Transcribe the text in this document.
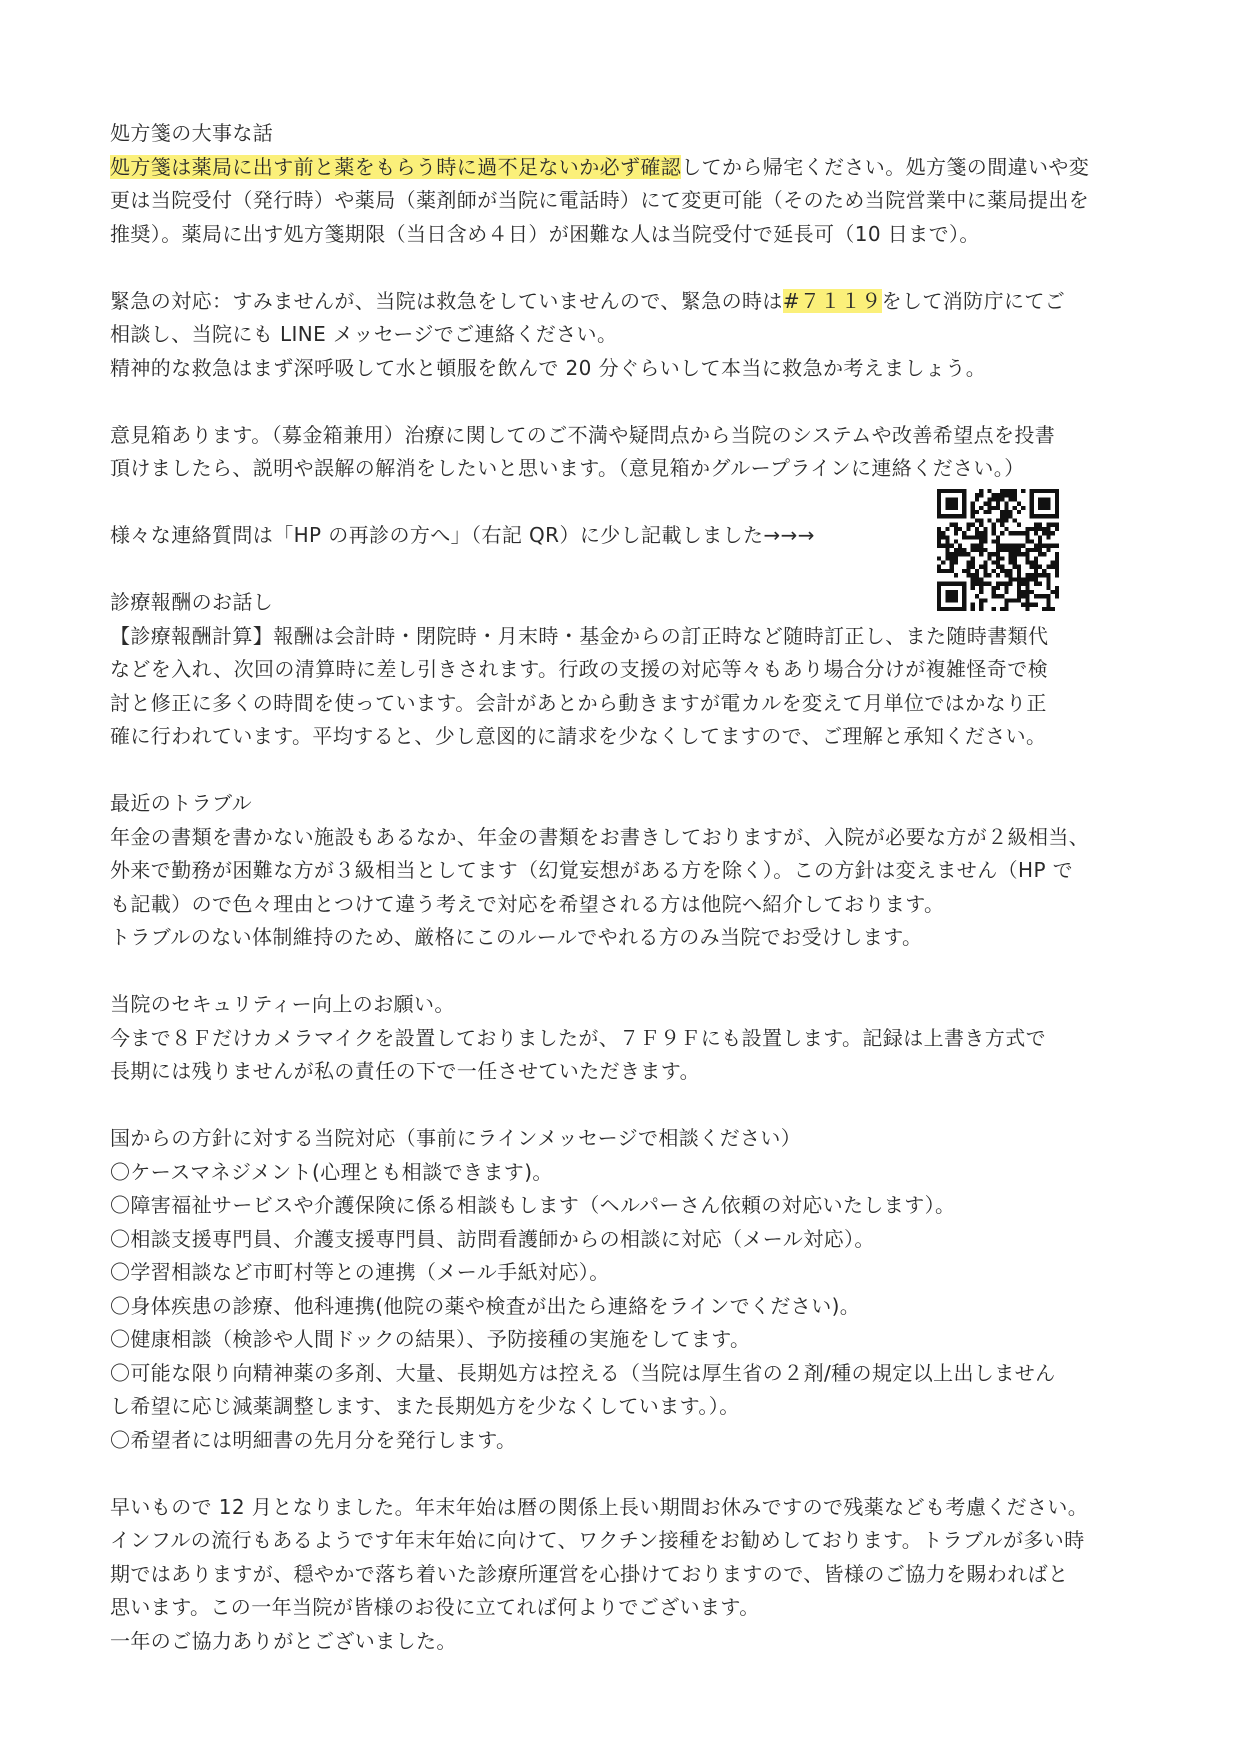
処方箋の大事な話
処方箋は薬局に出す前と薬をもらう時に過不足ないか必ず確認してから帰宅ください。処方箋の間違いや変
更は当院受付（発行時）や薬局（薬剤師が当院に電話時）にて変更可能（そのため当院営業中に薬局提出を
推奨）。薬局に出す処方箋期限（当日含め４日）が困難な人は当院受付で延長可（10 日まで）。
緊急の対応：すみませんが、当院は救急をしていませんので、緊急の時は#７１１９をして消防庁にてご
相談し、当院にも LINE メッセージでご連絡ください。
精神的な救急はまず深呼吸して水と頓服を飲んで 20 分ぐらいして本当に救急か考えましょう。
意見箱あります。（募金箱兼用）治療に関してのご不満や疑問点から当院のシステムや改善希望点を投書
頂けましたら、説明や誤解の解消をしたいと思います。（意見箱かグループラインに連絡ください。）
様々な連絡質問は「HP の再診の方へ」（右記 QR）に少し記載しました→→→
診療報酬のお話し
【診療報酬計算】報酬は会計時・閉院時・月末時・基金からの訂正時など随時訂正し、また随時書類代
などを入れ、次回の清算時に差し引きされます。行政の支援の対応等々もあり場合分けが複雑怪奇で検
討と修正に多くの時間を使っています。会計があとから動きますが電カルを変えて月単位ではかなり正
確に行われています。平均すると、少し意図的に請求を少なくしてますので、ご理解と承知ください。
最近のトラブル
年金の書類を書かない施設もあるなか、年金の書類をお書きしておりますが、入院が必要な方が２級相当、
外来で勤務が困難な方が３級相当としてます（幻覚妄想がある方を除く）。この方針は変えません（HP で
も記載）ので色々理由とつけて違う考えで対応を希望される方は他院へ紹介しております。
トラブルのない体制維持のため、厳格にこのルールでやれる方のみ当院でお受けします。
当院のセキュリティー向上のお願い。
今まで８Ｆだけカメラマイクを設置しておりましたが、７Ｆ９Ｆにも設置します。記録は上書き方式で
長期には残りませんが私の責任の下で一任させていただきます。
国からの方針に対する当院対応（事前にラインメッセージで相談ください）
〇ケースマネジメント(心理とも相談できます)。
〇障害福祉サービスや介護保険に係る相談もします（ヘルパーさん依頼の対応いたします）。
〇相談支援専門員、介護支援専門員、訪問看護師からの相談に対応（メール対応）。
〇学習相談など市町村等との連携（メール手紙対応）。
〇身体疾患の診療、他科連携(他院の薬や検査が出たら連絡をラインでください)。
〇健康相談（検診や人間ドックの結果）、予防接種の実施をしてます。
〇可能な限り向精神薬の多剤、大量、長期処方は控える（当院は厚生省の２剤/種の規定以上出しません
し希望に応じ減薬調整します、また長期処方を少なくしています。）。
〇希望者には明細書の先月分を発行します。
早いもので 12 月となりました。年末年始は暦の関係上長い期間お休みですので残薬なども考慮ください。
インフルの流行もあるようです年末年始に向けて、ワクチン接種をお勧めしております。トラブルが多い時
期ではありますが、穏やかで落ち着いた診療所運営を心掛けておりますので、皆様のご協力を賜わればと
思います。この一年当院が皆様のお役に立てれば何よりでございます。
一年のご協力ありがとございました。
